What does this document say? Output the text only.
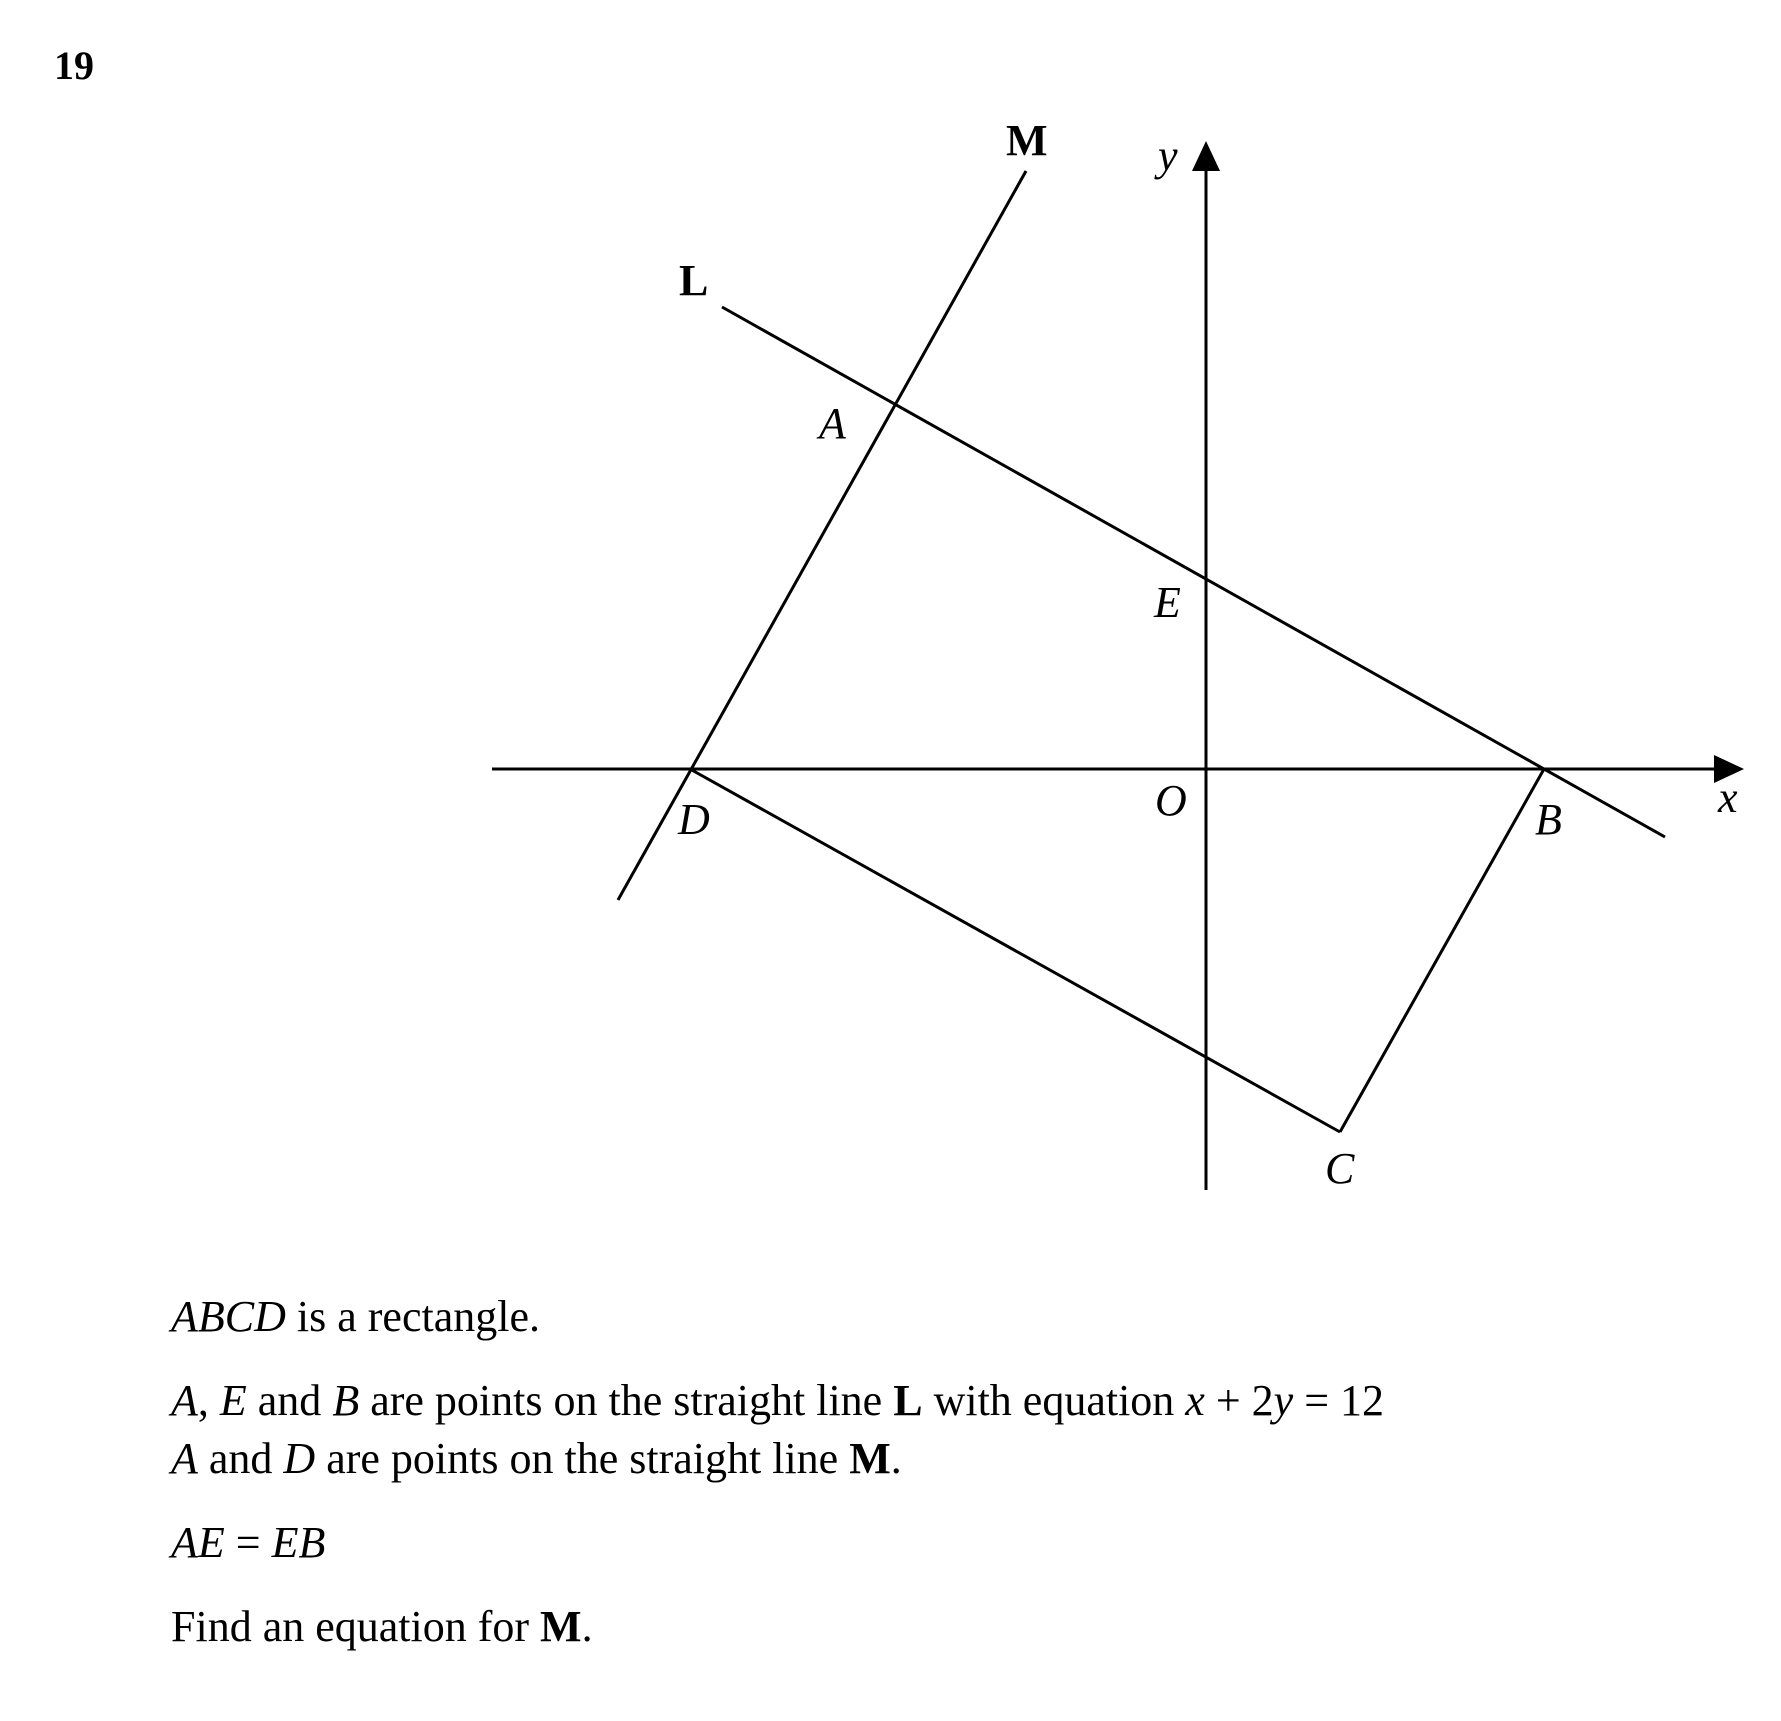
19
M
L
y
x
A
E
O
D	B
C

ABCD is a rectangle.

A, E and B are points on the straight line L with equation x + 2y = 12

A and D are points on the straight line M.

AE = EB

Find an equation for M.
